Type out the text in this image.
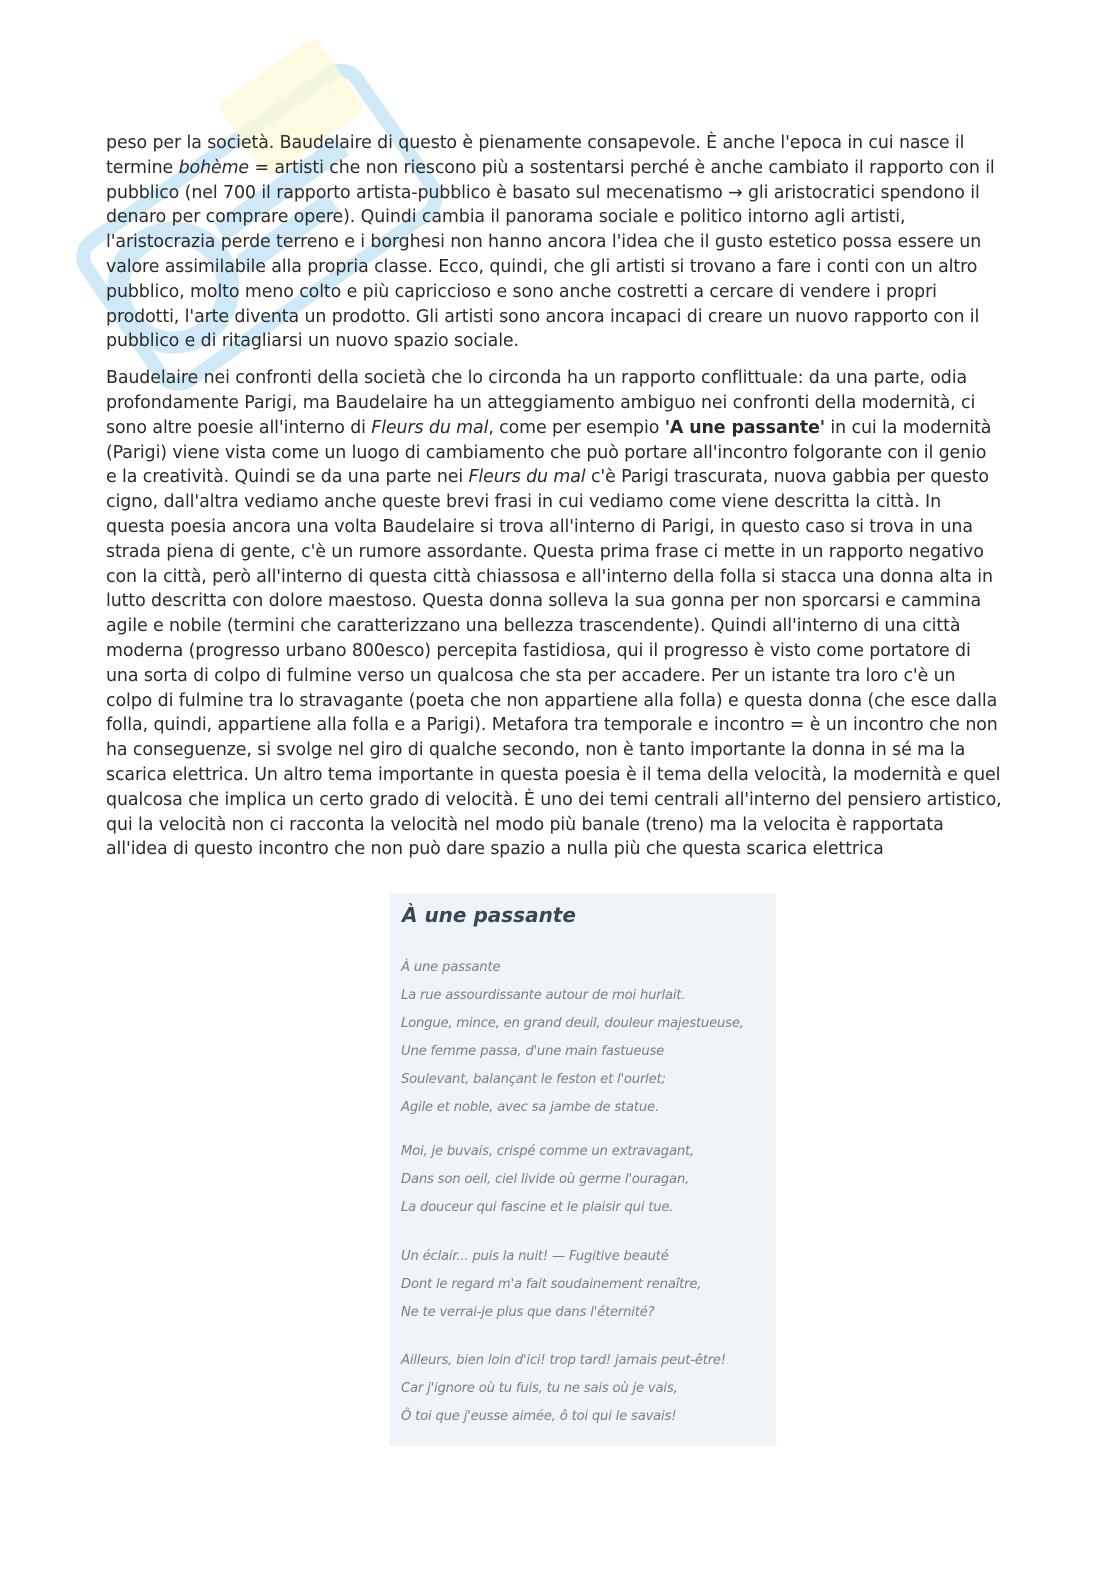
peso per la società. Baudelaire di questo è pienamente consapevole. È anche l'epoca in cui nasce il termine bohème = artisti che non riescono più a sostentarsi perché è anche cambiato il rapporto con il pubblico (nel 700 il rapporto artista-pubblico è basato sul mecenatismo → gli aristocratici spendono il denaro per comprare opere). Quindi cambia il panorama sociale e politico intorno agli artisti, l'aristocrazia perde terreno e i borghesi non hanno ancora l'idea che il gusto estetico possa essere un valore assimilabile alla propria classe. Ecco, quindi, che gli artisti si trovano a fare i conti con un altro pubblico, molto meno colto e più capriccioso e sono anche costretti a cercare di vendere i propri prodotti, l'arte diventa un prodotto. Gli artisti sono ancora incapaci di creare un nuovo rapporto con il pubblico e di ritagliarsi un nuovo spazio sociale.

Baudelaire nei confronti della società che lo circonda ha un rapporto conflittuale: da una parte, odia profondamente Parigi, ma Baudelaire ha un atteggiamento ambiguo nei confronti della modernità, ci sono altre poesie all'interno di Fleurs du mal, come per esempio 'A une passante' in cui la modernità (Parigi) viene vista come un luogo di cambiamento che può portare all'incontro folgorante con il genio e la creatività. Quindi se da una parte nei Fleurs du mal c'è Parigi trascurata, nuova gabbia per questo cigno, dall'altra vediamo anche queste brevi frasi in cui vediamo come viene descritta la città. In questa poesia ancora una volta Baudelaire si trova all'interno di Parigi, in questo caso si trova in una strada piena di gente, c'è un rumore assordante. Questa prima frase ci mette in un rapporto negativo con la città, però all'interno di questa città chiassosa e all'interno della folla si stacca una donna alta in lutto descritta con dolore maestoso. Questa donna solleva la sua gonna per non sporcarsi e cammina agile e nobile (termini che caratterizzano una bellezza trascendente). Quindi all'interno di una città moderna (progresso urbano 800esco) percepita fastidiosa, qui il progresso è visto come portatore di una sorta di colpo di fulmine verso un qualcosa che sta per accadere. Per un istante tra loro c'è un colpo di fulmine tra lo stravagante (poeta che non appartiene alla folla) e questa donna (che esce dalla folla, quindi, appartiene alla folla e a Parigi). Metafora tra temporale e incontro = è un incontro che non ha conseguenze, si svolge nel giro di qualche secondo, non è tanto importante la donna in sé ma la scarica elettrica. Un altro tema importante in questa poesia è il tema della velocità, la modernità e quel qualcosa che implica un certo grado di velocità. È uno dei temi centrali all'interno del pensiero artistico, qui la velocità non ci racconta la velocità nel modo più banale (treno) ma la velocita è rapportata all'idea di questo incontro che non può dare spazio a nulla più che questa scarica elettrica

À une passante
À une passante
La rue assourdissante autour de moi hurlait.
Longue, mince, en grand deuil, douleur majestueuse,
Une femme passa, d'une main fastueuse
Soulevant, balançant le feston et l'ourlet;
Agile et noble, avec sa jambe de statue.
Moi, je buvais, crispé comme un extravagant,
Dans son oeil, ciel livide où germe l'ouragan,
La douceur qui fascine et le plaisir qui tue.
Un éclair... puis la nuit! — Fugitive beauté
Dont le regard m'a fait soudainement renaître,
Ne te verrai-je plus que dans l'éternité?
Ailleurs, bien loin d'ici! trop tard! jamais peut-être!
Car j'ignore où tu fuis, tu ne sais où je vais,
Ô toi que j'eusse aimée, ô toi qui le savais!
